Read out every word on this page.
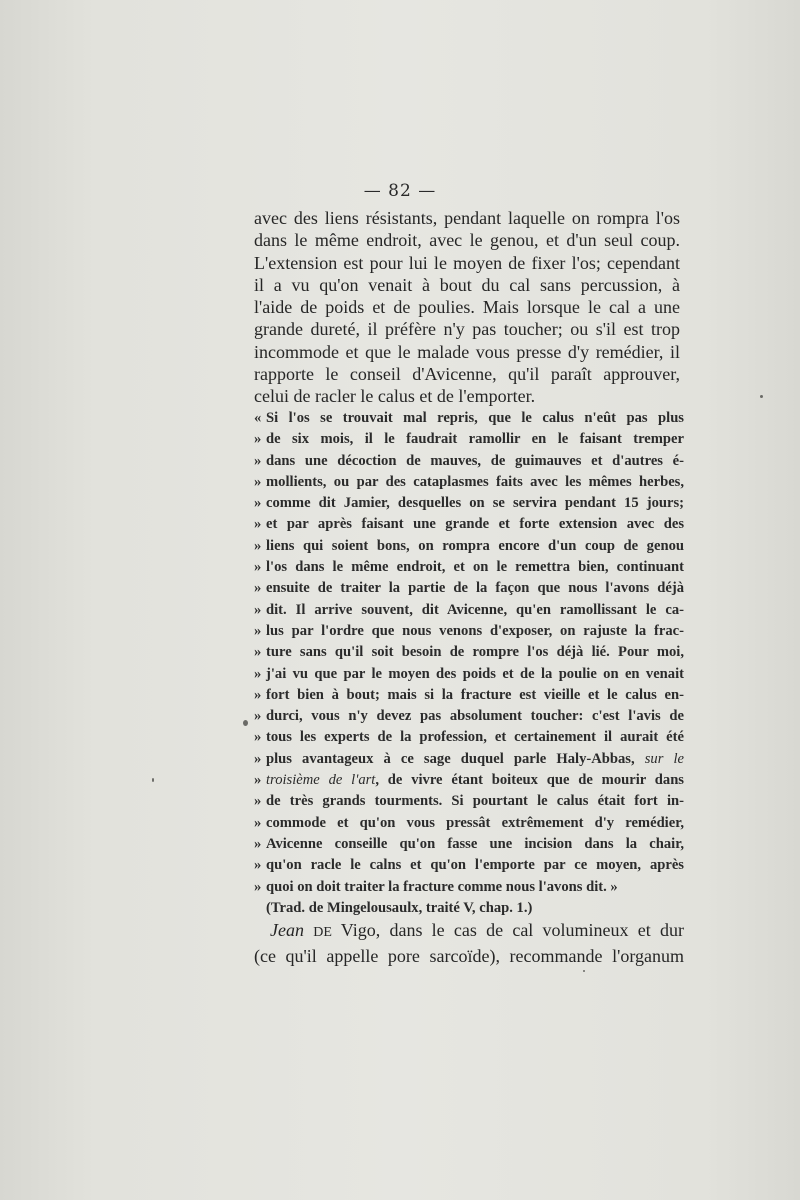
— 82 —
avec des liens résistants, pendant laquelle on rompra l'os
dans le même endroit, avec le genou, et d'un seul coup.
L'extension est pour lui le moyen de fixer l'os; cependant
il a vu qu'on venait à bout du cal sans percussion, à
l'aide de poids et de poulies. Mais lorsque le cal a une
grande dureté, il préfère n'y pas toucher; ou s'il est trop
incommode et que le malade vous presse d'y remédier, il
rapporte le conseil d'Avicenne, qu'il paraît approuver,
celui de racler le calus et de l'emporter.
« Si l'os se trouvait mal repris, que le calus n'eût pas plus
» de six mois, il le faudrait ramollir en le faisant tremper
» dans une décoction de mauves, de guimauves et d'autres é-
» mollients, ou par des cataplasmes faits avec les mêmes herbes,
» comme dit Jamier, desquelles on se servira pendant 15 jours;
» et par après faisant une grande et forte extension avec des
» liens qui soient bons, on rompra encore d'un coup de genou
» l'os dans le même endroit, et on le remettra bien, continuant
» ensuite de traiter la partie de la façon que nous l'avons déjà
» dit. Il arrive souvent, dit Avicenne, qu'en ramollissant le ca-
» lus par l'ordre que nous venons d'exposer, on rajuste la frac-
» ture sans qu'il soit besoin de rompre l'os déjà lié. Pour moi,
» j'ai vu que par le moyen des poids et de la poulie on en venait
» fort bien à bout; mais si la fracture est vieille et le calus en-
» durci, vous n'y devez pas absolument toucher: c'est l'avis de
» tous les experts de la profession, et certainement il aurait été
» plus avantageux à ce sage duquel parle Haly-Abbas, sur le
» troisième de l'art, de vivre étant boiteux que de mourir dans
» de très grands tourments. Si pourtant le calus était fort in-
» commode et qu'on vous pressât extrêmement d'y remédier,
» Avicenne conseille qu'on fasse une incision dans la chair,
» qu'on racle le calns et qu'on l'emporte par ce moyen, après
» quoi on doit traiter la fracture comme nous l'avons dit. »
(Trad. de Mingelousaulx, traité V, chap. 1.)
Jean DE Vigo, dans le cas de cal volumineux et dur
(ce qu'il appelle pore sarcoïde), recommande l'organum
